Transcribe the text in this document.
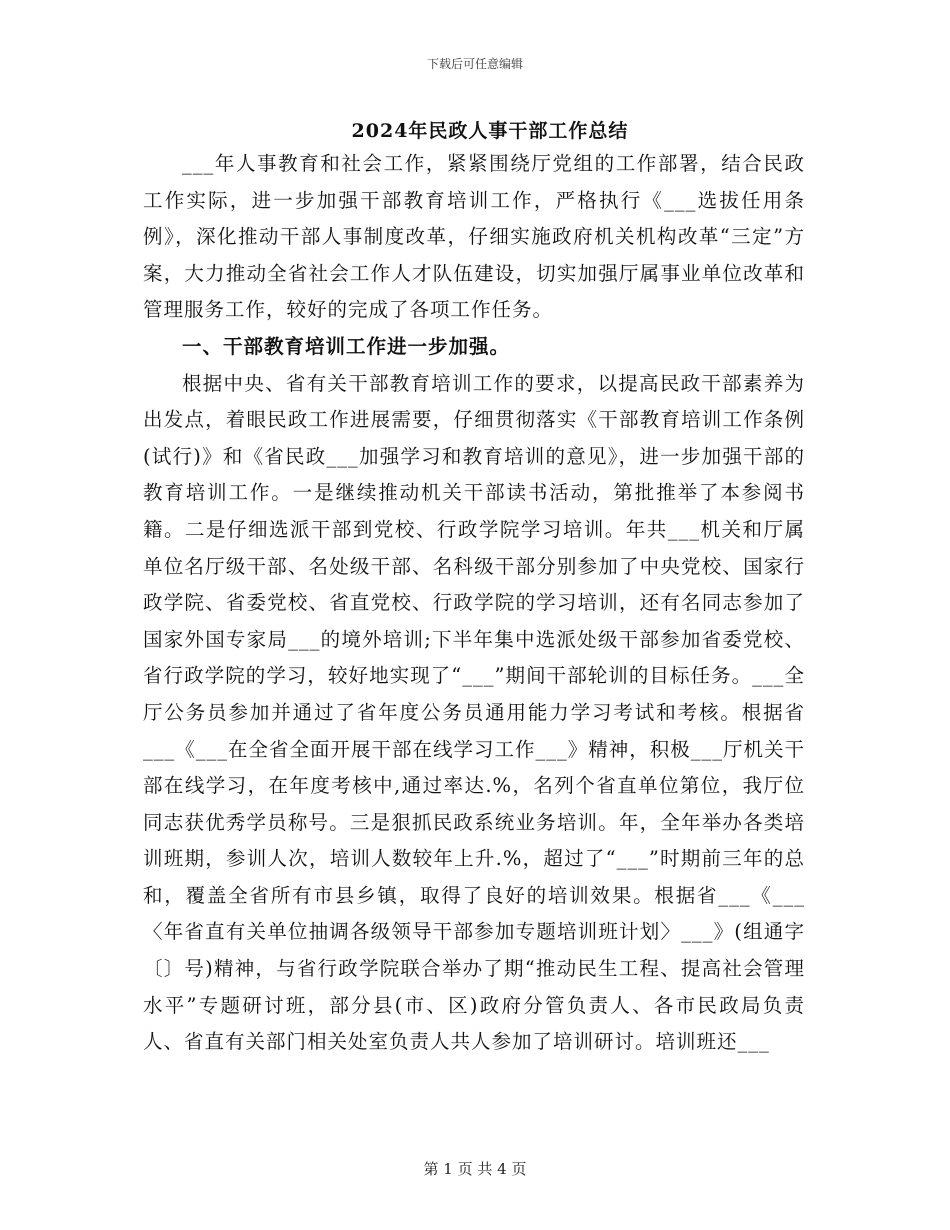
下载后可任意编辑
2024年民政人事干部工作总结

___年人事教育和社会工作，紧紧围绕厅党组的工作部署，结合民政工作实际，进一步加强干部教育培训工作，严格执行《___选拔任用条例》，深化推动干部人事制度改革，仔细实施政府机关机构改革“三定”方案，大力推动全省社会工作人才队伍建设，切实加强厅属事业单位改革和管理服务工作，较好的完成了各项工作任务。

一、干部教育培训工作进一步加强。

根据中央、省有关干部教育培训工作的要求，以提高民政干部素养为出发点，着眼民政工作进展需要，仔细贯彻落实《干部教育培训工作条例(试行)》和《省民政___加强学习和教育培训的意见》，进一步加强干部的教育培训工作。一是继续推动机关干部读书活动，第批推举了本参阅书籍。二是仔细选派干部到党校、行政学院学习培训。年共___机关和厅属单位名厅级干部、名处级干部、名科级干部分别参加了中央党校、国家行政学院、省委党校、省直党校、行政学院的学习培训，还有名同志参加了国家外国专家局___的境外培训;下半年集中选派处级干部参加省委党校、省行政学院的学习，较好地实现了“___”期间干部轮训的目标任务。___全厅公务员参加并通过了省年度公务员通用能力学习考试和考核。根据省___《___在全省全面开展干部在线学习工作___》精神，积极___厅机关干部在线学习，在年度考核中,通过率达.%，名列个省直单位第位，我厅位同志获优秀学员称号。三是狠抓民政系统业务培训。年，全年举办各类培训班期，参训人次，培训人数较年上升.%，超过了“___”时期前三年的总和，覆盖全省所有市县乡镇，取得了良好的培训效果。根据省___《___〈年省直有关单位抽调各级领导干部参加专题培训班计划〉___》(组通字〔〕号)精神，与省行政学院联合举办了期“推动民生工程、提高社会管理水平”专题研讨班，部分县(市、区)政府分管负责人、各市民政局负责人、省直有关部门相关处室负责人共人参加了培训研讨。培训班还___

第 1 页 共 4 页
